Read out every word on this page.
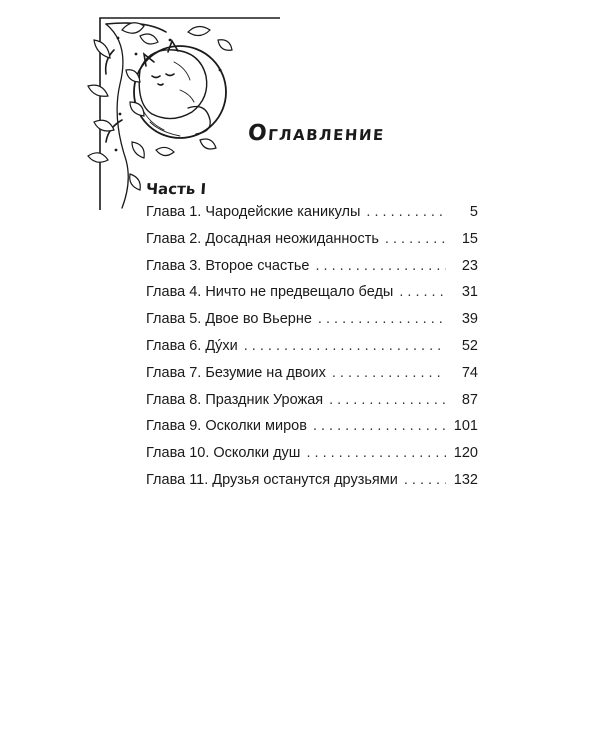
Оглавление
Часть I
Глава 1. Чародейские каникулы . . .	5
Глава 2. Досадная неожиданность . . .	15
Глава 3. Второе счастье . . .	23
Глава 4. Ничто не предвещало беды . . .	31
Глава 5. Двое во Вьерне . . .	39
Глава 6. Дýхи . . .	52
Глава 7. Безумие на двоих . . .	74
Глава 8. Праздник Урожая . . .	87
Глава 9. Осколки миров . . .	101
Глава 10. Осколки душ . . .	120
Глава 11. Друзья останутся друзьями . . .	132
